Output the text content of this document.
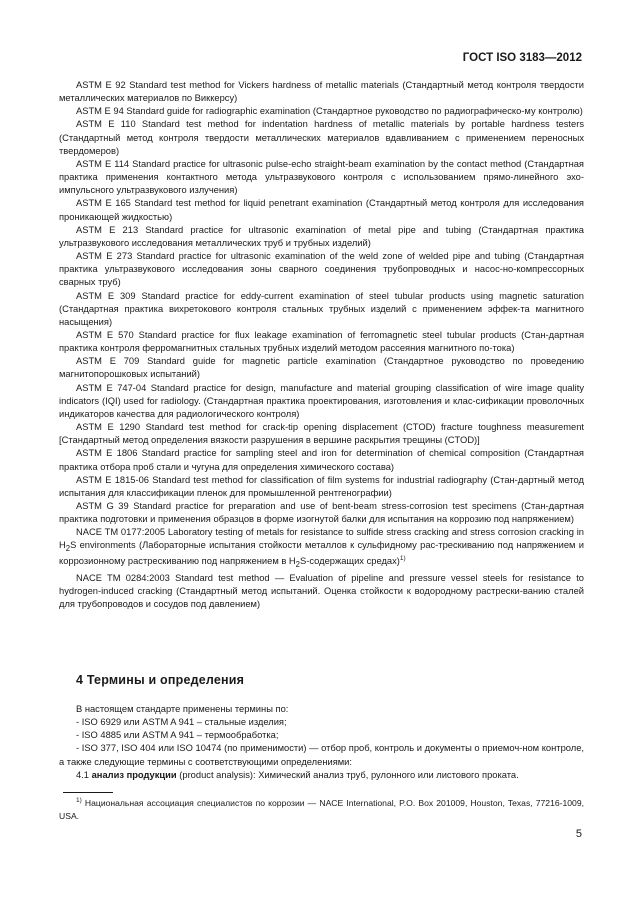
ГОСТ ISO 3183—2012

ASTM E 92 Standard test method for Vickers hardness of metallic materials (Стандартный метод контроля твердости металлических материалов по Виккерсу)

ASTM E 94 Standard guide for radiographic examination (Стандартное руководство по радиографическо-му контролю)

ASTM E 110 Standard test method for indentation hardness of metallic materials by portable hardness testers (Стандартный метод контроля твердости металлических материалов вдавливанием с применением переносных твердомеров)

ASTM E 114 Standard practice for ultrasonic pulse-echo straight-beam examination by the contact method (Стандартная практика применения контактного метода ультразвукового контроля с использованием прямо-линейного эхо-импульсного ультразвукового излучения)

ASTM E 165 Standard test method for liquid penetrant examination (Стандартный метод контроля для исследования проникающей жидкостью)

ASTM E 213 Standard practice for ultrasonic examination of metal pipe and tubing (Стандартная практика ультразвукового исследования металлических труб и трубных изделий)

ASTM E 273 Standard practice for ultrasonic examination of the weld zone of welded pipe and tubing (Стандартная практика ультразвукового исследования зоны сварного соединения трубопроводных и насос-но-компрессорных сварных труб)

ASTM E 309 Standard practice for eddy-current examination of steel tubular products using magnetic saturation (Стандартная практика вихретокового контроля стальных трубных изделий с применением эффек-та магнитного насыщения)

ASTM E 570 Standard practice for flux leakage examination of ferromagnetic steel tubular products (Стан-дартная практика контроля ферромагнитных стальных трубных изделий методом рассеяния магнитного по-тока)

ASTM E 709 Standard guide for magnetic particle examination (Стандартное руководство по проведению магнитопорошковых испытаний)

ASTM E 747-04 Standard practice for design, manufacture and material grouping classification of wire image quality indicators (IQI) used for radiology. (Стандартная практика проектирования, изготовления и клас-сификации проволочных индикаторов качества для радиологического контроля)

ASTM E 1290 Standard test method for crack-tip opening displacement (CTOD) fracture toughness measurement [Стандартный метод определения вязкости разрушения в вершине раскрытия трещины (CTOD)]

ASTM E 1806 Standard practice for sampling steel and iron for determination of chemical composition (Стандартная практика отбора проб стали и чугуна для определения химического состава)

ASTM E 1815-06 Standard test method for classification of film systems for industrial radiography (Стан-дартный метод испытания для классификации пленок для промышленной рентгенографии)

ASTM G 39 Standard practice for preparation and use of bent-beam stress-corrosion test specimens (Стан-дартная практика подготовки и применения образцов в форме изогнутой балки для испытания на коррозию под напряжением)

NACE TM 0177:2005 Laboratory testing of metals for resistance to sulfide stress cracking and stress corrosion cracking in $H_2S$ environments (Лабораторные испытания стойкости металлов к сульфидному рас-трескиванию под напряжением и коррозионному растрескиванию под напряжением в $H_2S$-содержащих средах)$^{1)}$

NACE TM 0284:2003 Standard test method — Evaluation of pipeline and pressure vessel steels for resistance to hydrogen-induced cracking (Стандартный метод испытаний. Оценка стойкости к водородному растрески-ванию сталей для трубопроводов и сосудов под давлением)

4 Термины и определения

В настоящем стандарте применены термины по:

- ISO 6929 или ASTM A 941 – стальные изделия;

- ISO 4885 или ASTM A 941 – термообработка;

- ISO 377, ISO 404 или ISO 10474 (по применимости) — отбор проб, контроль и документы о приемоч-ном контроле, а также следующие термины с соответствующими определениями:

4.1 анализ продукции (product analysis): Химический анализ труб, рулонного или листового проката.

$^{1)}$ Национальная ассоциация специалистов по коррозии — NACE International, P.O. Box 201009, Houston, Texas, 77216-1009, USA.
5
